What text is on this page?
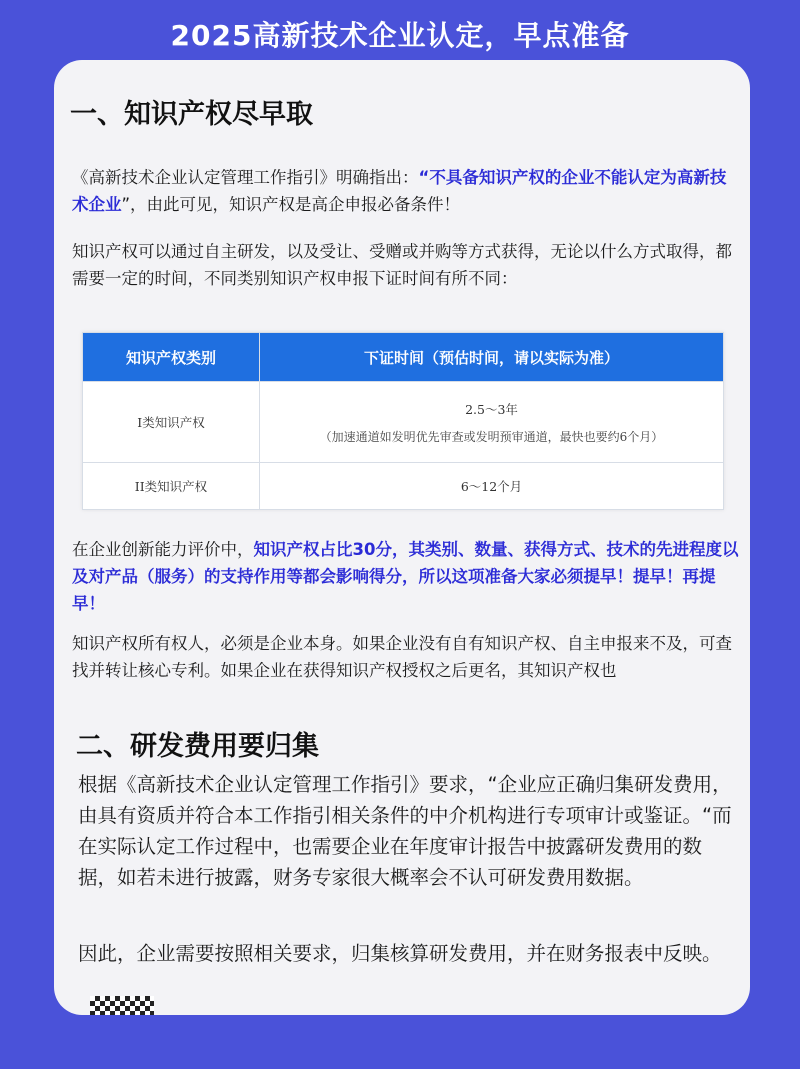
2025高新技术企业认定，早点准备
一、知识产权尽早取

《高新技术企业认定管理工作指引》明确指出：“不具备知识产权的企业不能认定为高新技术企业”，由此可见，知识产权是高企申报必备条件！

知识产权可以通过自主研发，以及受让、受赠或并购等方式获得，无论以什么方式取得，都需要一定的时间，不同类别知识产权申报下证时间有所不同：

知识产权类别	下证时间（预估时间，请以实际为准）
I类知识产权	2.5～3年
（加速通道如发明优先审查或发明预审通道，最快也要约6个月）

II类知识产权	6～12个月

在企业创新能力评价中，知识产权占比30分，其类别、数量、获得方式、技术的先进程度以及对产品（服务）的支持作用等都会影响得分，所以这项准备大家必须提早！提早！再提早！

知识产权所有权人，必须是企业本身。如果企业没有自有知识产权、自主申报来不及，可查找并转让核心专利。如果企业在获得知识产权授权之后更名，其知识产权也

二、研发费用要归集

根据《高新技术企业认定管理工作指引》要求，“企业应正确归集研发费用，由具有资质并符合本工作指引相关条件的中介机构进行专项审计或鉴证。“而在实际认定工作过程中，也需要企业在年度审计报告中披露研发费用的数据，如若未进行披露，财务专家很大概率会不认可研发费用数据。

因此，企业需要按照相关要求，归集核算研发费用，并在财务报表中反映。
